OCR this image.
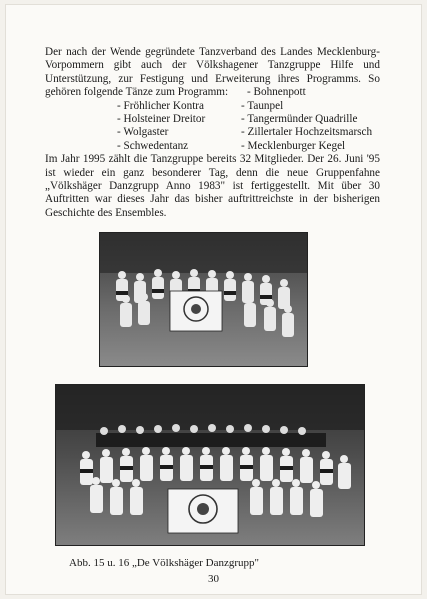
Der nach der Wende gegründete Tanzverband des Landes Mecklenburg-Vorpommern gibt auch der Völkshagener Tanzgruppe Hilfe und Unterstützung, zur Festigung und Erweiterung ihres Programms. So gehören folgende Tänze zum Programm: - Bohnenpott

- Fröhlicher Kontra	- Taunpel
- Holsteiner Dreitor	- Tangermünder Quadrille
- Wolgaster	- Zillertaler Hochzeitsmarsch
- Schwedentanz	- Mecklenburger Kegel

Im Jahr 1995 zählt die Tanzgruppe bereits 32 Mitglieder. Der 26. Juni '95 ist wieder ein ganz besonderer Tag, denn die neue Gruppenfahne „Völkshäger Danzgrupp Anno 1983" ist fertiggestellt. Mit über 30 Auftritten war dieses Jahr das bisher auftrittreichste in der bisherigen Geschichte des Ensembles.

Abb. 15 u. 16 „De Völkshäger Danzgrupp"
30
